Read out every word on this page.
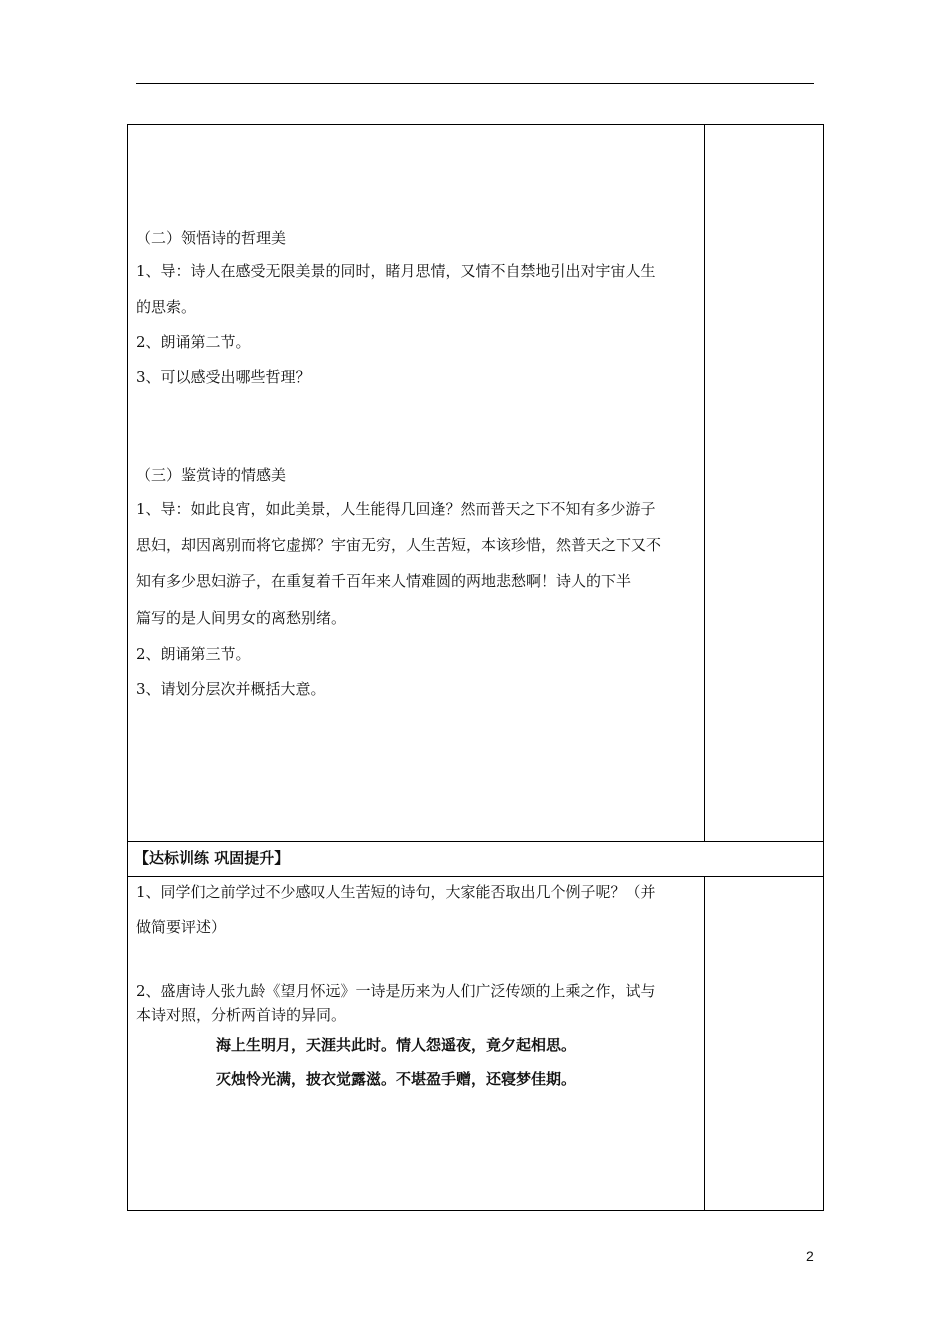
（二）领悟诗的哲理美
1、导：诗人在感受无限美景的同时，睹月思情，又情不自禁地引出对宇宙人生
的思索。
2、朗诵第二节。
3、可以感受出哪些哲理？
（三）鉴赏诗的情感美
1、导：如此良宵，如此美景，人生能得几回逢？然而普天之下不知有多少游子
思妇，却因离别而将它虚掷？宇宙无穷，人生苦短，本该珍惜，然普天之下又不
知有多少思妇游子，在重复着千百年来人情难圆的两地悲愁啊！诗人的下半
篇写的是人间男女的离愁别绪。
2、朗诵第三节。
3、请划分层次并概括大意。
【达标训练 巩固提升】
1、同学们之前学过不少感叹人生苦短的诗句，大家能否取出几个例子呢？（并
做简要评述）
2、盛唐诗人张九龄《望月怀远》一诗是历来为人们广泛传颂的上乘之作，试与
本诗对照，分析两首诗的异同。
海上生明月，天涯共此时。情人怨遥夜，竟夕起相思。
灭烛怜光满，披衣觉露滋。不堪盈手赠，还寝梦佳期。
2
